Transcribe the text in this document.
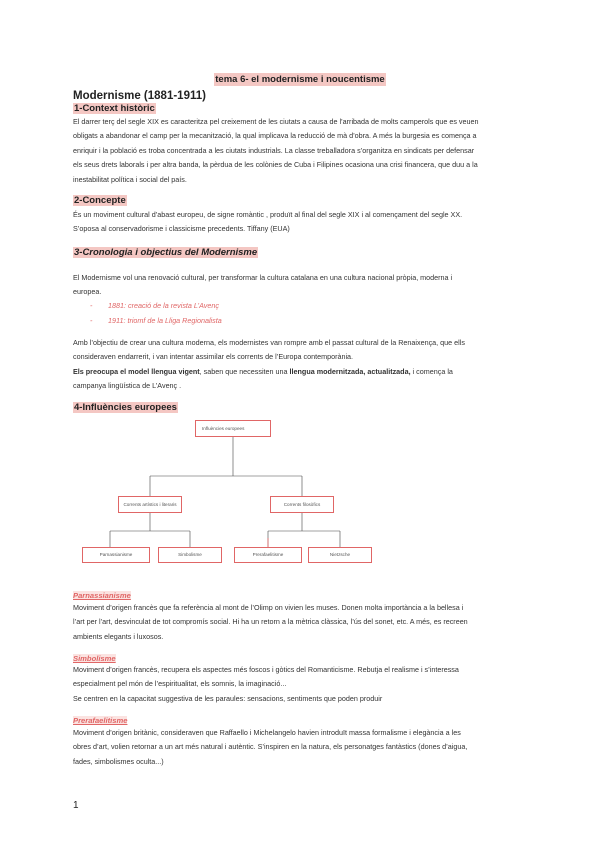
tema 6- el modernisme i noucentisme
Modernisme (1881-1911)
1-Context històric
El darrer terç del segle XIX es caracteritza pel creixement de les ciutats a causa de l’arribada de molts camperols que es veuen
obligats a abandonar el camp per la mecanització, la qual implicava la reducció de mà d’obra. A més la burgesia es comença a
enriquir i la població es troba concentrada a les ciutats industrials. La classe treballadora s’organitza en sindicats per defensar
els seus drets laborals i per altra banda, la pèrdua de les colònies de Cuba i Filipines ocasiona una crisi financera, que duu a la
inestabilitat política i social del país.
2-Concepte
És un moviment cultural d’abast europeu, de signe romàntic , produït al final del segle XIX i al començament del segle XX.
S’oposa al conservadorisme i classicisme precedents. Tiffany (EUA)
3-Cronologia i objectius del Modernisme
El Modernisme vol una renovació cultural, per transformar la cultura catalana en una cultura nacional pròpia, moderna i
europea.
- 1881: creació de la revista L’Avenç
- 1911: triomf de la Lliga Regionalista
Amb l’objectiu de crear una cultura moderna, els modernistes van rompre amb el passat cultural de la Renaixença, que ells
consideraven endarrerit, i van intentar assimilar els corrents de l’Europa contemporània.
Els preocupa el model llengua vigent, saben que necessiten una llengua modernitzada, actualitzada, i comença la
campanya lingüística de L’Avenç .
4-Influències europees
Influències europees
Corrents artístics i literaris	Corrents filosòfics
Parnassianisme	Simbolisme	Prerafaelitisme	Nietzsche
Parnassianisme
Moviment d’origen francès que fa referència al mont de l’Olimp on vivien les muses. Donen molta importància a la bellesa i
l’art per l’art, desvinculat de tot compromís social. Hi ha un retorn a la mètrica clàssica, l’ús del sonet, etc. A més, es recreen
ambients elegants i luxosos.
Simbolisme
Moviment d’origen francès, recupera els aspectes més foscos i gòtics del Romanticisme. Rebutja el realisme i s’interessa
especialment pel món de l’espiritualitat, els somnis, la imaginació...
Se centren en la capacitat suggestiva de les paraules: sensacions, sentiments que poden produir
Prerafaelitisme
Moviment d’origen britànic, consideraven que Raffaello i Michelangelo havien introduït massa formalisme i elegància a les
obres d’art, volien retornar a un art més natural i autèntic. S’inspiren en la natura, els personatges fantàstics (dones d’aigua,
fades, simbolismes oculta...)
1
